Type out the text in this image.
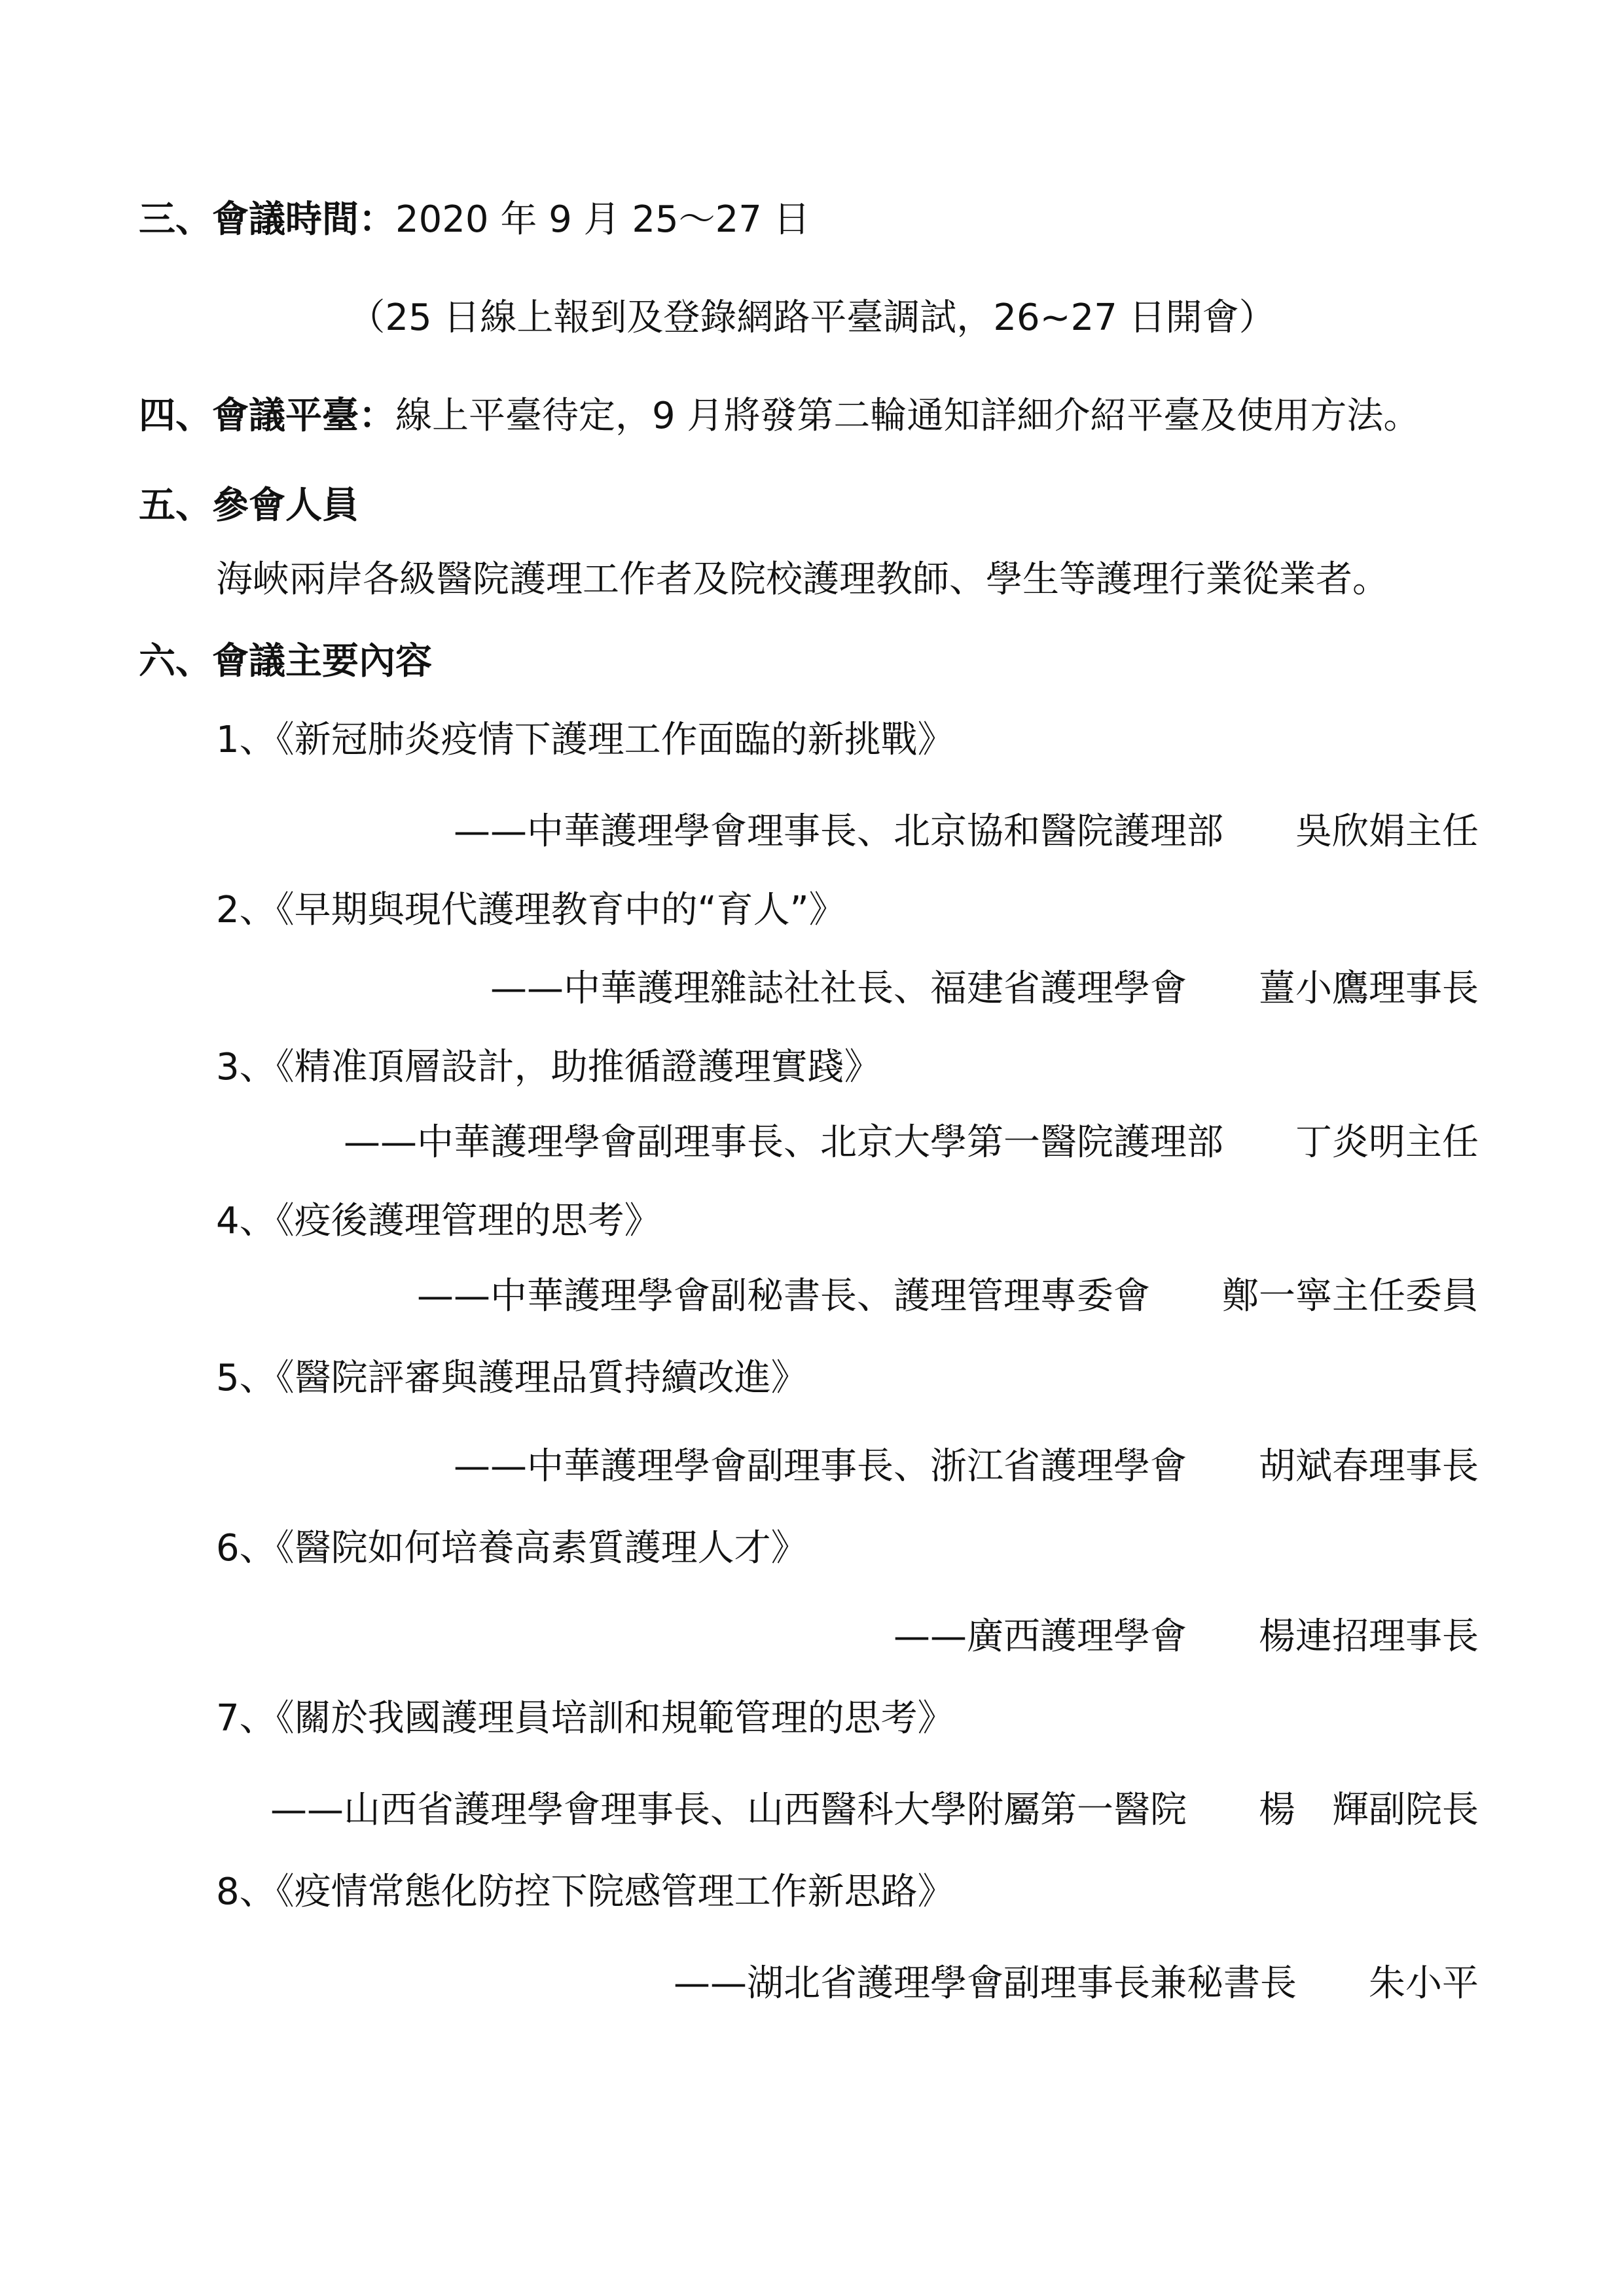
三、會議時間：2020 年 9 月 25～27 日
（25 日線上報到及登錄網路平臺調試，26~27 日開會）
四、會議平臺：線上平臺待定，9 月將發第二輪通知詳細介紹平臺及使用方法。
五、參會人員
海峽兩岸各級醫院護理工作者及院校護理教師、學生等護理行業從業者。
六、會議主要內容
1、《新冠肺炎疫情下護理工作面臨的新挑戰》
——中華護理學會理事長、北京協和醫院護理部 吳欣娟主任
2、《早期與現代護理教育中的“育人”》
——中華護理雜誌社社長、福建省護理學會 薑小鷹理事長
3、《精准頂層設計，助推循證護理實踐》
——中華護理學會副理事長、北京大學第一醫院護理部 丁炎明主任
4、《疫後護理管理的思考》
——中華護理學會副秘書長、護理管理專委會 鄭一寧主任委員
5、《醫院評審與護理品質持續改進》
——中華護理學會副理事長、浙江省護理學會 胡斌春理事長
6、《醫院如何培養高素質護理人才》
——廣西護理學會 楊連招理事長
7、《關於我國護理員培訓和規範管理的思考》
——山西省護理學會理事長、山西醫科大學附屬第一醫院 楊　輝副院長
8、《疫情常態化防控下院感管理工作新思路》
——湖北省護理學會副理事長兼秘書長 朱小平
